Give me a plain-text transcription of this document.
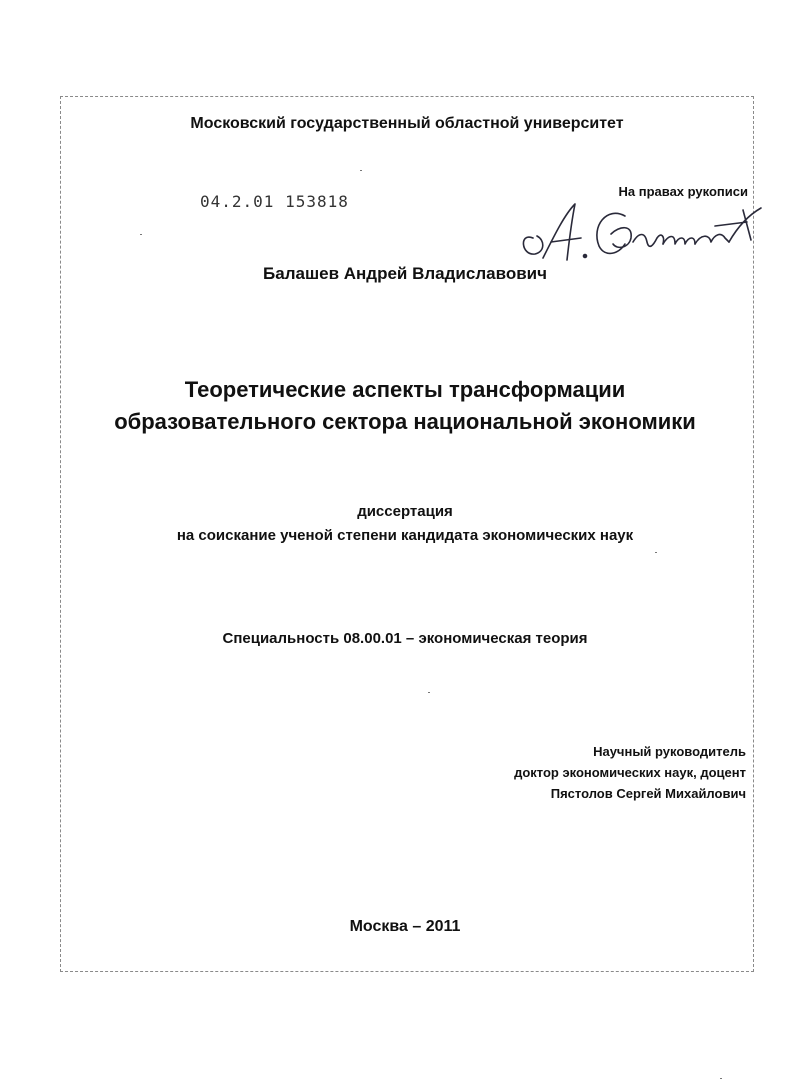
Московский государственный областной университет
На правах рукописи
04.2.01 153818
Балашев Андрей Владиславович
Теоретические аспекты трансформации
образовательного сектора национальной экономики
диссертация
на соискание ученой степени кандидата экономических наук
Специальность 08.00.01 – экономическая теория
Научный руководитель
доктор экономических наук, доцент
Пястолов Сергей Михайлович
Москва – 2011
